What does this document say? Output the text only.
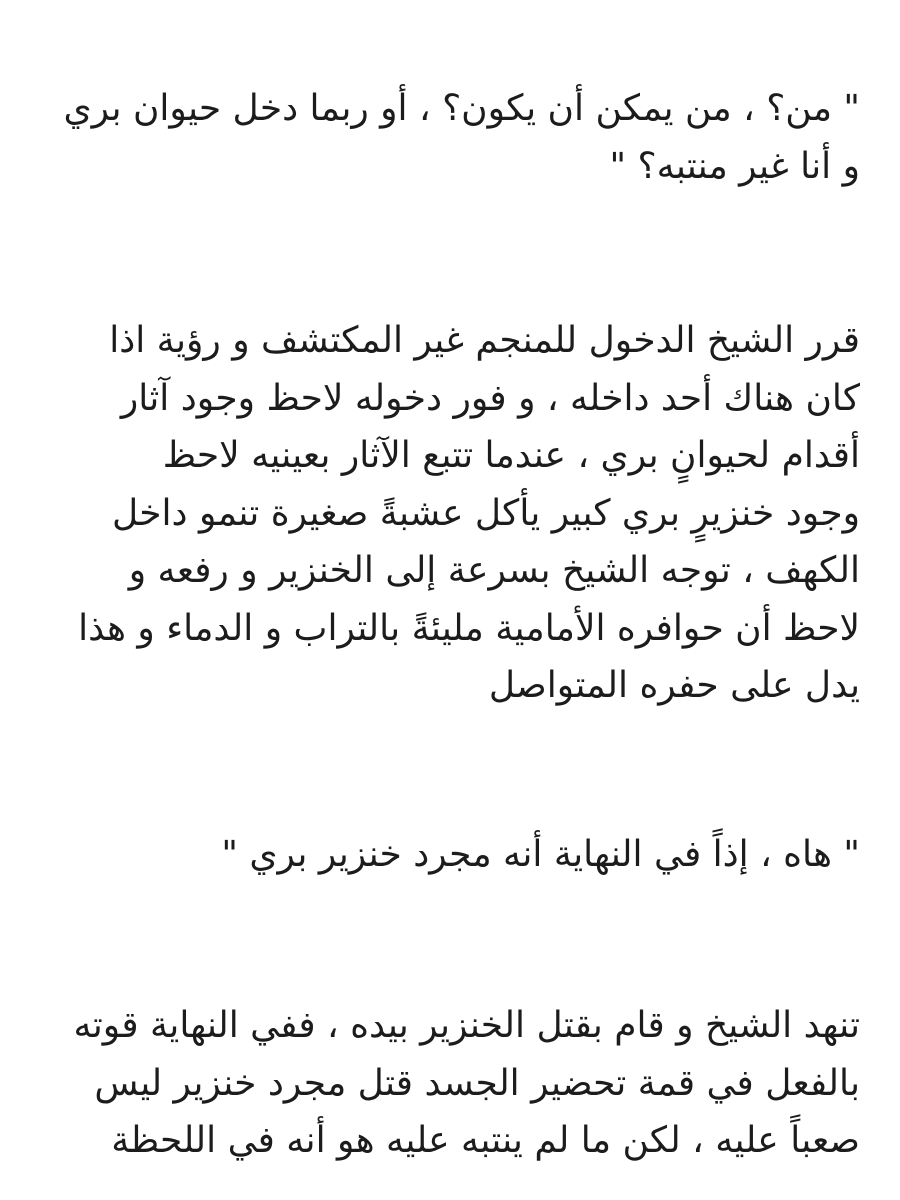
" من؟ ، من يمكن أن يكون؟ ، أو ربما دخل حيوان بري
و أنا غير منتبه؟ "

قرر الشيخ الدخول للمنجم غير المكتشف و رؤية اذا
كان هناك أحد داخله ، و فور دخوله لاحظ وجود آثار
أقدام لحيوانٍ بري ، عندما تتبع الآثار بعينيه لاحظ
وجود خنزيرٍ بري كبير يأكل عشبةً صغيرة تنمو داخل
الكهف ، توجه الشيخ بسرعة إلى الخنزير و رفعه و
لاحظ أن حوافره الأمامية مليئةً بالتراب و الدماء و هذا
يدل على حفره المتواصل

" هاه ، إذاً في النهاية أنه مجرد خنزير بري "

تنهد الشيخ و قام بقتل الخنزير بيده ، ففي النهاية قوته
بالفعل في قمة تحضير الجسد قتل مجرد خنزير ليس
صعباً عليه ، لكن ما لم ينتبه عليه هو أنه في اللحظة
